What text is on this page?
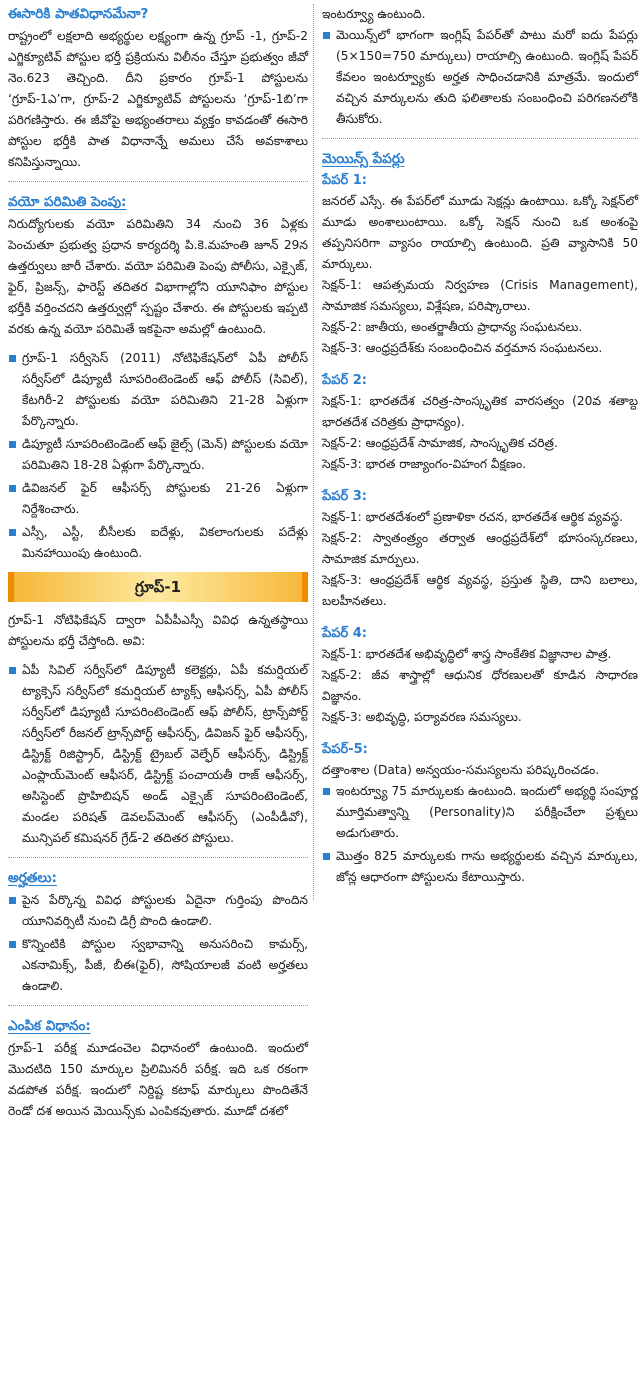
ఈసారికి పాతవిధానమేనా?

రాష్ట్రంలో లక్షలాది అభ్యర్థుల లక్ష్యంగా ఉన్న గ్రూప్ -1, గ్రూప్-2 ఎగ్జిక్యూటివ్ పోస్టుల భర్తీ ప్రక్రియను విలీనం చేస్తూ ప్రభుత్వం జీవో నెం.623 తెచ్చింది. దీని ప్రకారం గ్రూప్-1 పోస్టులను ‘గ్రూప్-1ఎ’గా, గ్రూప్-2 ఎగ్జిక్యూటివ్ పోస్టులను ‘గ్రూప్-1బి’గా పరిగణిస్తారు. ఈ జీవోపై అభ్యంతరాలు వ్యక్తం కావడంతో ఈసారి పోస్టుల భర్తీకి పాత విధానాన్నే అమలు చేసే అవకాశాలు కనిపిస్తున్నాయి.

వయో పరిమితి పెంపు:

నిరుద్యోగులకు వయో పరిమితిని 34 నుంచి 36 ఏళ్లకు పెంచుతూ ప్రభుత్వ ప్రధాన కార్యదర్శి పి.కె.మహంతి జూన్ 29న ఉత్తర్వులు జారీ చేశారు. వయో పరిమితి పెంపు పోలీసు, ఎక్సైజ్, ఫైర్, ప్రిజన్స్, ఫారెస్ట్ తదితర విభాగాల్లోని యూనిఫాం పోస్టుల భర్తీకి వర్తించదని ఉత్తర్వుల్లో స్పష్టం చేశారు. ఈ పోస్టులకు ఇప్పటి వరకు ఉన్న వయో పరిమితే ఇకపైనా అమల్లో ఉంటుంది.

గ్రూప్-1 సర్వీసెస్ (2011) నోటిఫికేషన్‌లో ఏపీ పోలీస్ సర్వీస్‌లో డిప్యూటీ సూపరింటెండెంట్ ఆఫ్ పోలీస్ (సివిల్), కేటగిరీ-2 పోస్టులకు వయో పరిమితిని 21-28 ఏళ్లుగా పేర్కొన్నారు.
డిప్యూటీ సూపరింటెండెంట్ ఆఫ్ జైల్స్ (మెన్) పోస్టులకు వయో పరిమితిని 18-28 ఏళ్లుగా పేర్కొన్నారు.
డివిజనల్ ఫైర్ ఆఫీసర్స్ పోస్టులకు 21-26 ఏళ్లుగా నిర్దేశించారు.
ఎస్సీ, ఎస్టీ, బీసీలకు ఐదేళ్లు, వికలాంగులకు పదేళ్లు మినహాయింపు ఉంటుంది.
గ్రూప్-1

గ్రూప్-1 నోటిఫికేషన్ ద్వారా ఏపీపీఎస్సీ వివిధ ఉన్నతస్థాయి పోస్టులను భర్తీ చేస్తోంది. అవి:

ఏపీ సివిల్ సర్వీస్‌లో డిప్యూటీ కలెక్టర్లు, ఏపీ కమర్షియల్ ట్యాక్సెస్ సర్వీస్‌లో కమర్షియల్ ట్యాక్స్ ఆఫీసర్స్, ఏపీ పోలీస్ సర్వీస్‌లో డిప్యూటీ సూపరింటెండెంట్ ఆఫ్ పోలీస్, ట్రాన్స్‌పోర్ట్ సర్వీస్‌లో రీజనల్ ట్రాన్స్‌పోర్ట్ ఆఫీసర్స్, డివిజన్ ఫైర్ ఆఫీసర్స్, డిస్ట్రిక్ట్ రిజిస్ట్రార్, డిస్ట్రిక్ట్ ట్రైబల్ వెల్ఫేర్ ఆఫీసర్స్, డిస్ట్రిక్ట్ ఎంప్లాయ్‌మెంట్ ఆఫీసర్, డిస్ట్రిక్ట్ పంచాయతీ రాజ్ ఆఫీసర్స్, అసిస్టెంట్ ప్రొహిబిషన్ అండ్ ఎక్సైజ్ సూపరింటెండెంట్, మండల పరిషత్ డెవలప్‌మెంట్ ఆఫీసర్స్ (ఎంపీడీవో), మున్సిపల్ కమిషనర్ గ్రేడ్-2 తదితర పోస్టులు.
అర్హతలు:
పైన పేర్కొన్న వివిధ పోస్టులకు ఏదైనా గుర్తింపు పొందిన యూనివర్సిటీ నుంచి డిగ్రీ పొంది ఉండాలి.
కొన్నింటికి పోస్టుల స్వభావాన్ని అనుసరించి కామర్స్, ఎకనామిక్స్, పీజీ, బీఈ(ఫైర్), సోషియాలజీ వంటి అర్హతలు ఉండాలి.
ఎంపిక విధానం:

గ్రూప్-1 పరీక్ష మూడంచెల విధానంలో ఉంటుంది. ఇందులో మొదటిది 150 మార్కుల ప్రిలిమినరీ పరీక్ష. ఇది ఒక రకంగా వడపోత పరీక్ష. ఇందులో నిర్దిష్ట కటాఫ్ మార్కులు పొందితేనే రెండో దశ అయిన మెయిన్స్‌కు ఎంపికవుతారు. మూడో దశలో

ఇంటర్వ్యూ ఉంటుంది.

మెయిన్స్‌లో భాగంగా ఇంగ్లిష్ పేపర్‌తో పాటు మరో ఐదు పేపర్లు (5×150=750 మార్కులు) రాయాల్సి ఉంటుంది. ఇంగ్లిష్ పేపర్ కేవలం ఇంటర్వ్యూకు అర్హత సాధించడానికి మాత్రమే. ఇందులో వచ్చిన మార్కులను తుది ఫలితాలకు సంబంధించి పరిగణనలోకి తీసుకోరు.
మెయిన్స్ పేపర్లు
పేపర్ 1:

జనరల్ ఎస్సే. ఈ పేపర్‌లో మూడు సెక్షన్లు ఉంటాయి. ఒక్కో సెక్షన్‌లో మూడు అంశాలుంటాయి. ఒక్కో సెక్షన్ నుంచి ఒక అంశంపై తప్పనిసరిగా వ్యాసం రాయాల్సి ఉంటుంది. ప్రతి వ్యాసానికి 50 మార్కులు.

సెక్షన్-1: ఆపత్సమయ నిర్వహణ (Crisis Management), సామాజిక సమస్యలు, విశ్లేషణ, పరిష్కారాలు.

సెక్షన్-2: జాతీయ, అంతర్జాతీయ ప్రాధాన్య సంఘటనలు.

సెక్షన్-3: ఆంధ్రప్రదేశ్‌కు సంబంధించిన వర్తమాన సంఘటనలు.

పేపర్ 2:

సెక్షన్-1: భారతదేశ చరిత్ర-సాంస్కృతిక వారసత్వం (20వ శతాబ్ద భారతదేశ చరిత్రకు ప్రాధాన్యం).

సెక్షన్-2: ఆంధ్రప్రదేశ్ సామాజిక, సాంస్కృతిక చరిత్ర.

సెక్షన్-3: భారత రాజ్యాంగం-విహంగ వీక్షణం.

పేపర్ 3:

సెక్షన్-1: భారతదేశంలో ప్రణాళికా రచన, భారతదేశ ఆర్థిక వ్యవస్థ.

సెక్షన్-2: స్వాతంత్ర్యం తర్వాత ఆంధ్రప్రదేశ్‌లో భూసంస్కరణలు, సామాజిక మార్పులు.

సెక్షన్-3: ఆంధ్రప్రదేశ్ ఆర్థిక వ్యవస్థ, ప్రస్తుత స్థితి, దాని బలాలు, బలహీనతలు.

పేపర్ 4:

సెక్షన్-1: భారతదేశ అభివృద్ధిలో శాస్త్ర సాంకేతిక విజ్ఞానాల పాత్ర.

సెక్షన్-2: జీవ శాస్త్రాల్లో ఆధునిక ధోరణులతో కూడిన సాధారణ విజ్ఞానం.

సెక్షన్-3: అభివృద్ధి, పర్యావరణ సమస్యలు.

పేపర్-5:

దత్తాంశాల (Data) అన్వయం-సమస్యలను పరిష్కరించడం.

ఇంటర్వ్యూ 75 మార్కులకు ఉంటుంది. ఇందులో అభ్యర్థి సంపూర్ణ మూర్తిమత్వాన్ని (Personality)ని పరీక్షించేలా ప్రశ్నలు అడుగుతారు.
మొత్తం 825 మార్కులకు గాను అభ్యర్థులకు వచ్చిన మార్కులు, జోన్ల ఆధారంగా పోస్టులను కేటాయిస్తారు.
